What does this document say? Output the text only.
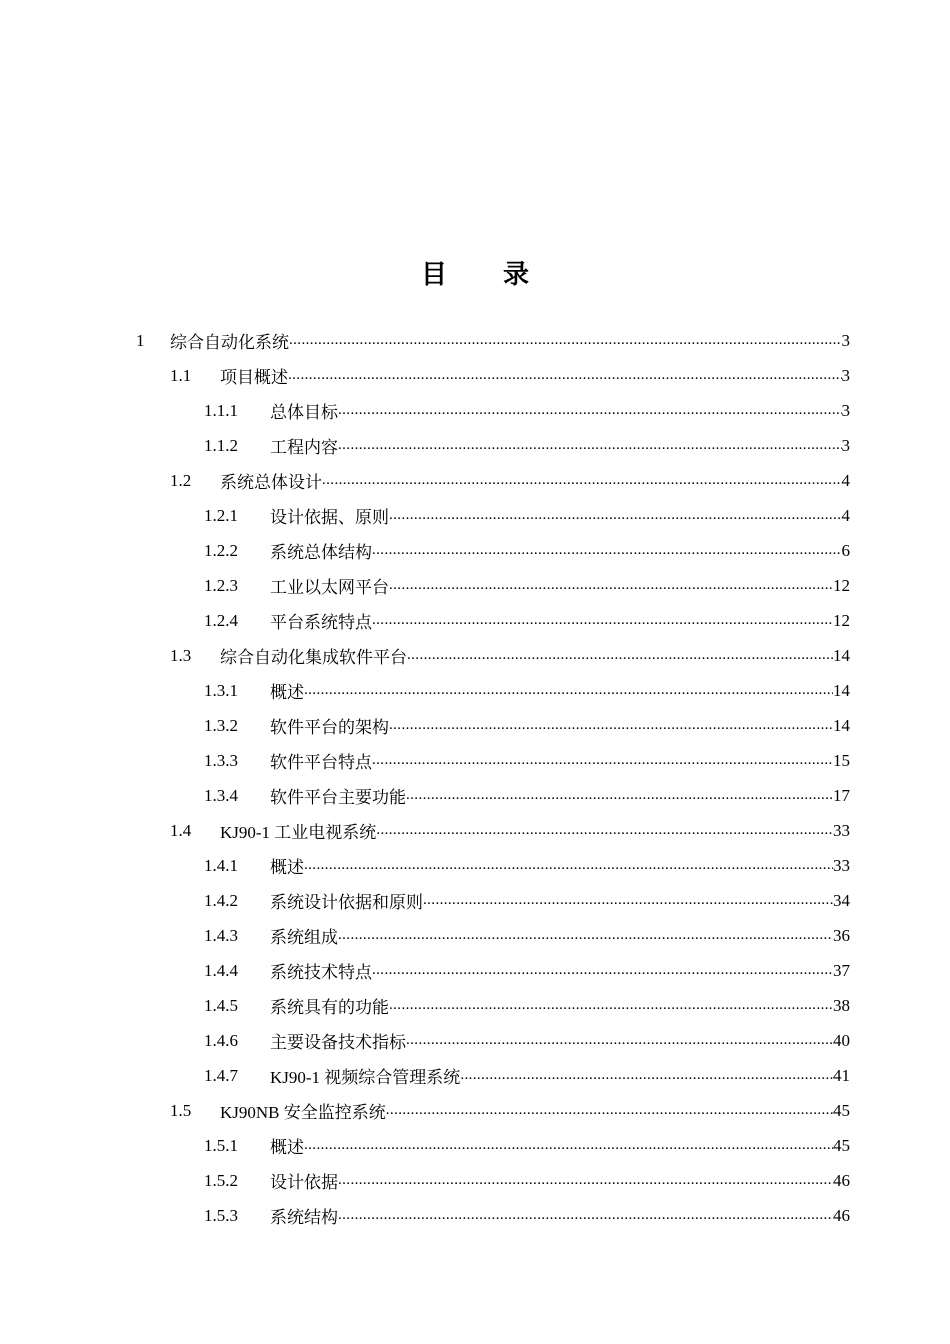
目 录
1 综合自动化系统 .....	3
1.1 项目概述 .....	3
1.1.1 总体目标 .....	3
1.1.2 工程内容 .....	3
1.2 系统总体设计 .....	4
1.2.1 设计依据、原则 .....	4
1.2.2 系统总体结构 .....	6
1.2.3 工业以太网平台 .....	12
1.2.4 平台系统特点 .....	12
1.3 综合自动化集成软件平台 .....	14
1.3.1 概述 .....	14
1.3.2 软件平台的架构 .....	14
1.3.3 软件平台特点 .....	15
1.3.4 软件平台主要功能 .....	17
1.4 KJ90-1 工业电视系统 .....	33
1.4.1 概述 .....	33
1.4.2 系统设计依据和原则 .....	34
1.4.3 系统组成 .....	36
1.4.4 系统技术特点 .....	37
1.4.5 系统具有的功能 .....	38
1.4.6 主要设备技术指标 .....	40
1.4.7 KJ90-1 视频综合管理系统 .....	41
1.5 KJ90NB 安全监控系统 .....	45
1.5.1 概述 .....	45
1.5.2 设计依据 .....	46
1.5.3 系统结构 .....	46
